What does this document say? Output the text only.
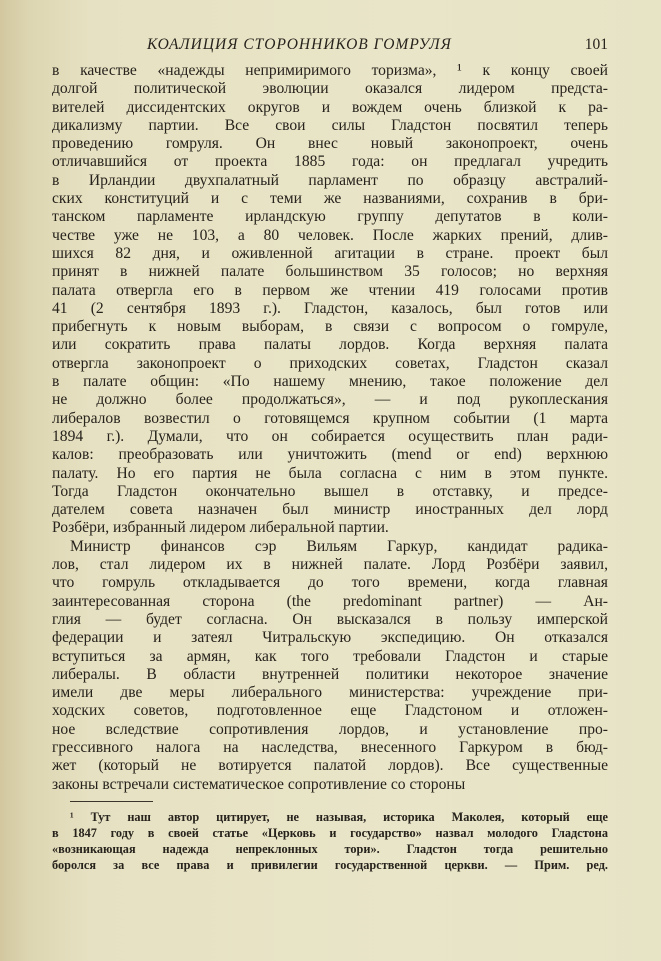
КОАЛИЦИЯ СТОРОННИКОВ ГОМРУЛЯ	101
в качестве «надежды непримиримого торизма», ¹ к концу своей
долгой политической эволюции оказался лидером предста-
вителей диссидентских округов и вождем очень близкой к ра-
дикализму партии. Все свои силы Гладстон посвятил теперь
проведению гомруля. Он внес новый законопроект, очень
отличавшийся от проекта 1885 года: он предлагал учредить
в Ирландии двухпалатный парламент по образцу австралий-
ских конституций и с теми же названиями, сохранив в бри-
танском парламенте ирландскую группу депутатов в коли-
честве уже не 103, а 80 человек. После жарких прений, длив-
шихся 82 дня, и оживленной агитации в стране. проект был
принят в нижней палате большинством 35 голосов; но верхняя
палата отвергла его в первом же чтении 419 голосами против
41 (2 сентября 1893 г.). Гладстон, казалось, был готов или
прибегнуть к новым выборам, в связи с вопросом о гомруле,
или сократить права палаты лордов. Когда верхняя палата
отвергла законопроект о приходских советах, Гладстон сказал
в палате общин: «По нашему мнению, такое положение дел
не должно более продолжаться», — и под рукоплескания
либералов возвестил о готовящемся крупном событии (1 марта
1894 г.). Думали, что он собирается осуществить план ради-
калов: преобразовать или уничтожить (mend or end) верхнюю
палату. Но его партия не была согласна с ним в этом пункте.
Тогда Гладстон окончательно вышел в отставку, и предсе-
дателем совета назначен был министр иностранных дел лорд
Розбёри, избранный лидером либеральной партии.
Министр финансов сэр Вильям Гаркур, кандидат радика-
лов, стал лидером их в нижней палате. Лорд Розбёри заявил,
что гомруль откладывается до того времени, когда главная
заинтересованная сторона (the predominant partner) — Ан-
глия — будет согласна. Он высказался в пользу имперской
федерации и затеял Читральскую экспедицию. Он отказался
вступиться за армян, как того требовали Гладстон и старые
либералы. В области внутренней политики некоторое значение
имели две меры либерального министерства: учреждение при-
ходских советов, подготовленное еще Гладстоном и отложен-
ное вследствие сопротивления лордов, и установление про-
грессивного налога на наследства, внесенного Гаркуром в бюд-
жет (который не вотируется палатой лордов). Все существенные
законы встречали систематическое сопротивление со стороны
¹ Тут наш автор цитирует, не называя, историка Маколея, который еще
в 1847 году в своей статье «Церковь и государство» назвал молодого Гладстона
«возникающая надежда непреклонных тори». Гладстон тогда решительно
боролся за все права и привилегии государственной церкви. — Прим. ред.
